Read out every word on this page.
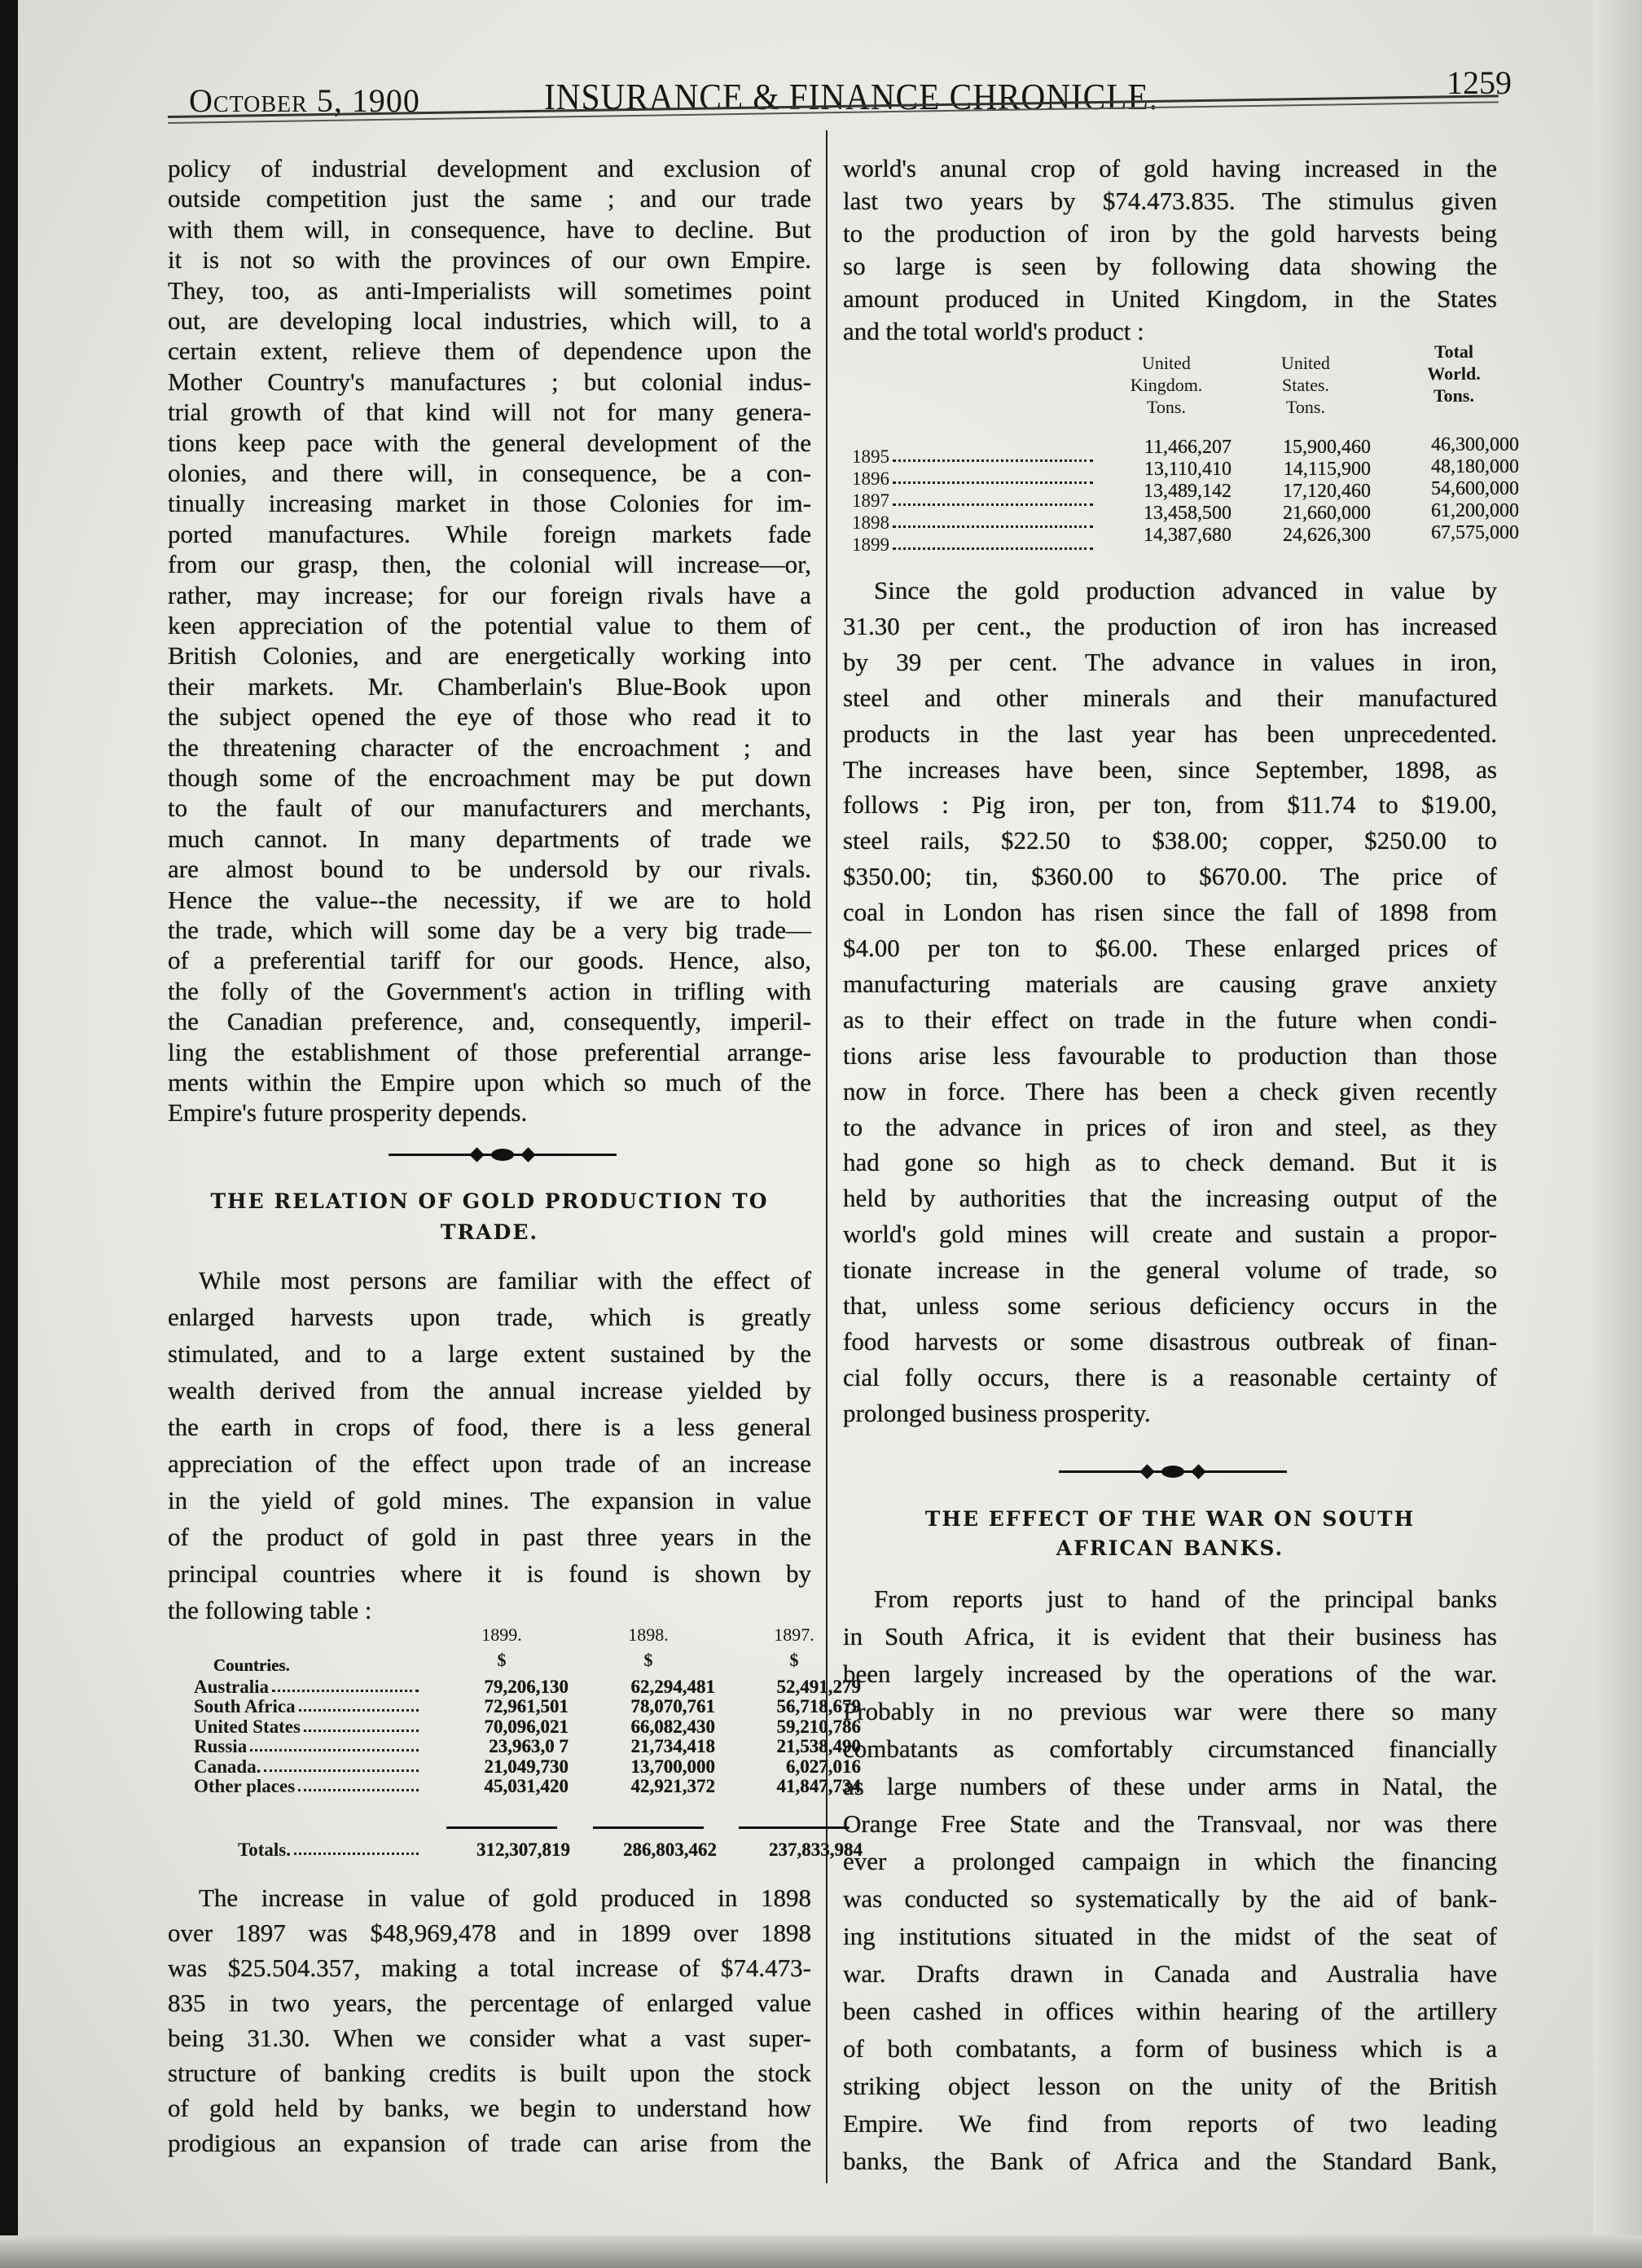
October 5, 1900	INSURANCE & FINANCE CHRONICLE.	1259
policy of industrial development and exclusion of
outside competition just the same ; and our trade
with them will, in consequence, have to decline. But
it is not so with the provinces of our own Empire.
They, too, as anti-Imperialists will sometimes point
out, are developing local industries, which will, to a
certain extent, relieve them of dependence upon the
Mother Country's manufactures ; but colonial indus-
trial growth of that kind will not for many genera-
tions keep pace with the general development of the
olonies, and there will, in consequence, be a con-
tinually increasing market in those Colonies for im-
ported manufactures. While foreign markets fade
from our grasp, then, the colonial will increase—or,
rather, may increase; for our foreign rivals have a
keen appreciation of the potential value to them of
British Colonies, and are energetically working into
their markets. Mr. Chamberlain's Blue-Book upon
the subject opened the eye of those who read it to
the threatening character of the encroachment ; and
though some of the encroachment may be put down
to the fault of our manufacturers and merchants,
much cannot. In many departments of trade we
are almost bound to be undersold by our rivals.
Hence the value--the necessity, if we are to hold
the trade, which will some day be a very big trade—
of a preferential tariff for our goods. Hence, also,
the folly of the Government's action in trifling with
the Canadian preference, and, consequently, imperil-
ling the establishment of those preferential arrange-
ments within the Empire upon which so much of the
Empire's future prosperity depends.
THE RELATION OF GOLD PRODUCTION TO
TRADE.
While most persons are familiar with the effect of
enlarged harvests upon trade, which is greatly
stimulated, and to a large extent sustained by the
wealth derived from the annual increase yielded by
the earth in crops of food, there is a less general
appreciation of the effect upon trade of an increase
in the yield of gold mines. The expansion in value
of the product of gold in past three years in the
principal countries where it is found is shown by
the following table :
1899.
$
1898.
$
1897.
$
Countries.
Australia	79,206,130	62,294,481	52,491,279
South Africa	72,961,501	78,070,761	56,718,679
United States	70,096,021	66,082,430	59,210,786
Russia	23,963,0 7	21,734,418	21,538,490
Canada.	21,049,730	13,700,000	6,027,016
Other places	45,031,420	42,921,372	41,847,734
Totals.	312,307,819	286,803,462	237,833,984
The increase in value of gold produced in 1898
over 1897 was $48,969,478 and in 1899 over 1898
was $25.504.357, making a total increase of $74.473-
835 in two years, the percentage of enlarged value
being 31.30. When we consider what a vast super-
structure of banking credits is built upon the stock
of gold held by banks, we begin to understand how
prodigious an expansion of trade can arise from the
world's anunal crop of gold having increased in the
last two years by $74.473.835. The stimulus given
to the production of iron by the gold harvests being
so large is seen by following data showing the
amount produced in United Kingdom, in the States
and the total world's product :
United
Kingdom.
Tons.
United
States.
Tons.
Total
World.
Tons.
1895	11,466,207	15,900,460	46,300,000
1896	13,110,410	14,115,900	48,180,000
1897	13,489,142	17,120,460	54,600,000
1898	13,458,500	21,660,000	61,200,000
1899	14,387,680	24,626,300	67,575,000
Since the gold production advanced in value by
31.30 per cent., the production of iron has increased
by 39 per cent. The advance in values in iron,
steel and other minerals and their manufactured
products in the last year has been unprecedented.
The increases have been, since September, 1898, as
follows : Pig iron, per ton, from $11.74 to $19.00,
steel rails, $22.50 to $38.00; copper, $250.00 to
$350.00; tin, $360.00 to $670.00. The price of
coal in London has risen since the fall of 1898 from
$4.00 per ton to $6.00. These enlarged prices of
manufacturing materials are causing grave anxiety
as to their effect on trade in the future when condi-
tions arise less favourable to production than those
now in force. There has been a check given recently
to the advance in prices of iron and steel, as they
had gone so high as to check demand. But it is
held by authorities that the increasing output of the
world's gold mines will create and sustain a propor-
tionate increase in the general volume of trade, so
that, unless some serious deficiency occurs in the
food harvests or some disastrous outbreak of finan-
cial folly occurs, there is a reasonable certainty of
prolonged business prosperity.
THE EFFECT OF THE WAR ON SOUTH
AFRICAN BANKS.
From reports just to hand of the principal banks
in South Africa, it is evident that their business has
been largely increased by the operations of the war.
Probably in no previous war were there so many
combatants as comfortably circumstanced financially
as large numbers of these under arms in Natal, the
Orange Free State and the Transvaal, nor was there
ever a prolonged campaign in which the financing
was conducted so systematically by the aid of bank-
ing institutions situated in the midst of the seat of
war. Drafts drawn in Canada and Australia have
been cashed in offices within hearing of the artillery
of both combatants, a form of business which is a
striking object lesson on the unity of the British
Empire. We find from reports of two leading
banks, the Bank of Africa and the Standard Bank,
